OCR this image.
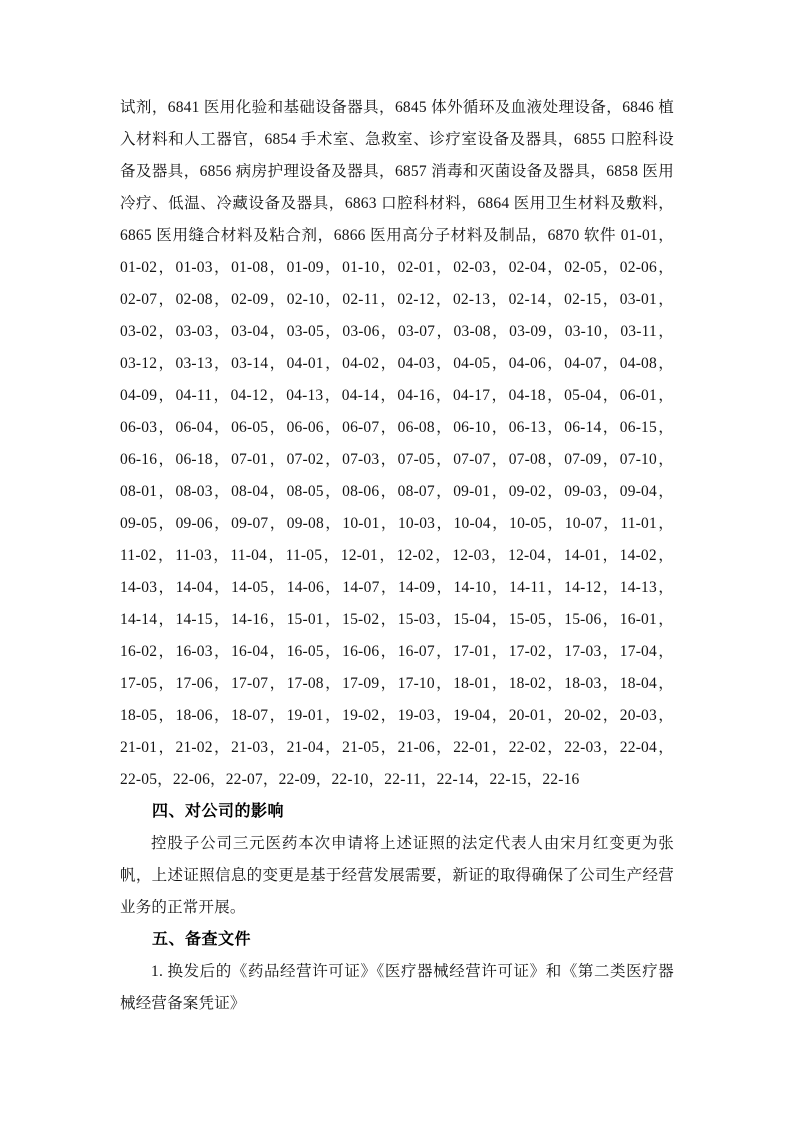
试剂，6841 医用化验和基础设备器具，6845 体外循环及血液处理设备，6846 植
入材料和人工器官，6854 手术室、急救室、诊疗室设备及器具，6855 口腔科设
备及器具，6856 病房护理设备及器具，6857 消毒和灭菌设备及器具，6858 医用
冷疗、低温、冷藏设备及器具，6863 口腔科材料，6864 医用卫生材料及敷料，
6865 医用缝合材料及粘合剂，6866 医用高分子材料及制品，6870 软件 01-01，
01-02，01-03，01-08，01-09，01-10，02-01，02-03，02-04，02-05，02-06，
02-07，02-08，02-09，02-10，02-11，02-12，02-13，02-14，02-15，03-01，
03-02，03-03，03-04，03-05，03-06，03-07，03-08，03-09，03-10，03-11，
03-12，03-13，03-14，04-01，04-02，04-03，04-05，04-06，04-07，04-08，
04-09，04-11，04-12，04-13，04-14，04-16，04-17，04-18，05-04，06-01，
06-03，06-04，06-05，06-06，06-07，06-08，06-10，06-13，06-14，06-15，
06-16，06-18，07-01，07-02，07-03，07-05，07-07，07-08，07-09，07-10，
08-01，08-03，08-04，08-05，08-06，08-07，09-01，09-02，09-03，09-04，
09-05，09-06，09-07，09-08，10-01，10-03，10-04，10-05，10-07，11-01，
11-02，11-03，11-04，11-05，12-01，12-02，12-03，12-04，14-01，14-02，
14-03，14-04，14-05，14-06，14-07，14-09，14-10，14-11，14-12，14-13，
14-14，14-15，14-16，15-01，15-02，15-03，15-04，15-05，15-06，16-01，
16-02，16-03，16-04，16-05，16-06，16-07，17-01，17-02，17-03，17-04，
17-05，17-06，17-07，17-08，17-09，17-10，18-01，18-02，18-03，18-04，
18-05，18-06，18-07，19-01，19-02，19-03，19-04，20-01，20-02，20-03，
21-01，21-02，21-03，21-04，21-05，21-06，22-01，22-02，22-03，22-04，
22-05，22-06，22-07，22-09，22-10，22-11，22-14，22-15，22-16
四、对公司的影响
控股子公司三元医药本次申请将上述证照的法定代表人由宋月红变更为张
帆，上述证照信息的变更是基于经营发展需要，新证的取得确保了公司生产经营
业务的正常开展。
五、备查文件
1. 换发后的《药品经营许可证》《医疗器械经营许可证》和《第二类医疗器
械经营备案凭证》
